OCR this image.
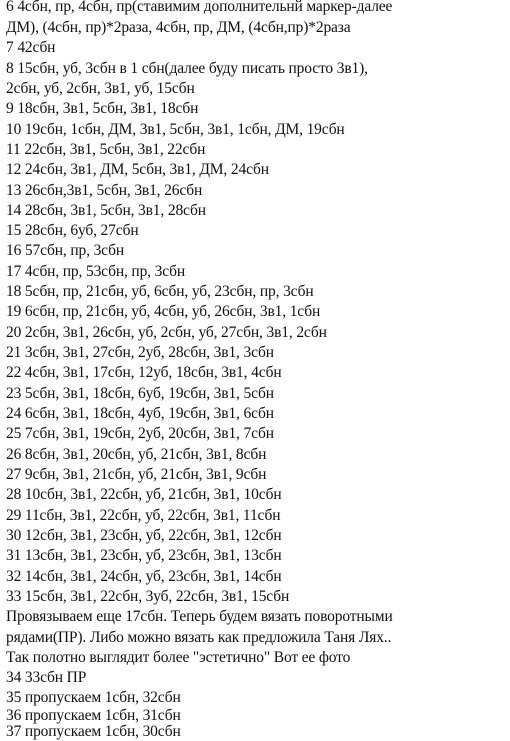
6 4сбн, пр, 4сбн, пр(ставимим дополнительнй маркер-далее
ДМ), (4сбн, пр)*2раза, 4сбн, пр, ДМ, (4сбн,пр)*2раза
7 42сбн
8 15сбн, уб, 3сбн в 1 сбн(далее буду писать просто 3в1),
2сбн, уб, 2сбн, 3в1, уб, 15сбн
9 18сбн, 3в1, 5сбн, 3в1, 18сбн
10 19сбн, 1сбн, ДМ, 3в1, 5сбн, 3в1, 1сбн, ДМ, 19сбн
11 22сбн, 3в1, 5сбн, 3в1, 22сбн
12 24сбн, 3в1, ДМ, 5сбн, 3в1, ДМ, 24сбн
13 26сбн,3в1, 5сбн, 3в1, 26сбн
14 28сбн, 3в1, 5сбн, 3в1, 28сбн
15 28сбн, 6уб, 27сбн
16 57сбн, пр, 3сбн
17 4сбн, пр, 53сбн, пр, 3сбн
18 5сбн, пр, 21сбн, уб, 6сбн, уб, 23сбн, пр, 3сбн
19 6сбн, пр, 21сбн, уб, 4сбн, уб, 26сбн, 3в1, 1сбн
20 2сбн, 3в1, 26сбн, уб, 2сбн, уб, 27сбн, 3в1, 2сбн
21 3сбн, 3в1, 27сбн, 2уб, 28сбн, 3в1, 3сбн
22 4сбн, 3в1, 17сбн, 12уб, 18сбн, 3в1, 4сбн
23 5сбн, 3в1, 18сбн, 6уб, 19сбн, 3в1, 5сбн
24 6сбн, 3в1, 18сбн, 4уб, 19сбн, 3в1, 6сбн
25 7сбн, 3в1, 19сбн, 2уб, 20сбн, 3в1, 7сбн
26 8сбн, 3в1, 20сбн, уб, 21сбн, 3в1, 8сбн
27 9сбн, 3в1, 21сбн, уб, 21сбн, 3в1, 9сбн
28 10сбн, 3в1, 22сбн, уб, 21сбн, 3в1, 10сбн
29 11сбн, 3в1, 22сбн, уб, 22сбн, 3в1, 11сбн
30 12сбн, 3в1, 23сбн, уб, 22сбн, 3в1, 12сбн
31 13сбн, 3в1, 23сбн, уб, 23сбн, 3в1, 13сбн
32 14сбн, 3в1, 24сбн, уб, 23сбн, 3в1, 14сбн
33 15сбн, 3в1, 22сбн, 3уб, 22сбн, 3в1, 15сбн
Провязываем еще 17сбн. Теперь будем вязать поворотными
рядами(ПР). Либо можно вязать как предложила Таня Лях..
Так полотно выглядит более "эстетично" Вот ее фото
34 33сбн ПР
35 пропускаем 1сбн, 32сбн
36 пропускаем 1сбн, 31сбн
37 пропускаем 1сбн, 30сбн
